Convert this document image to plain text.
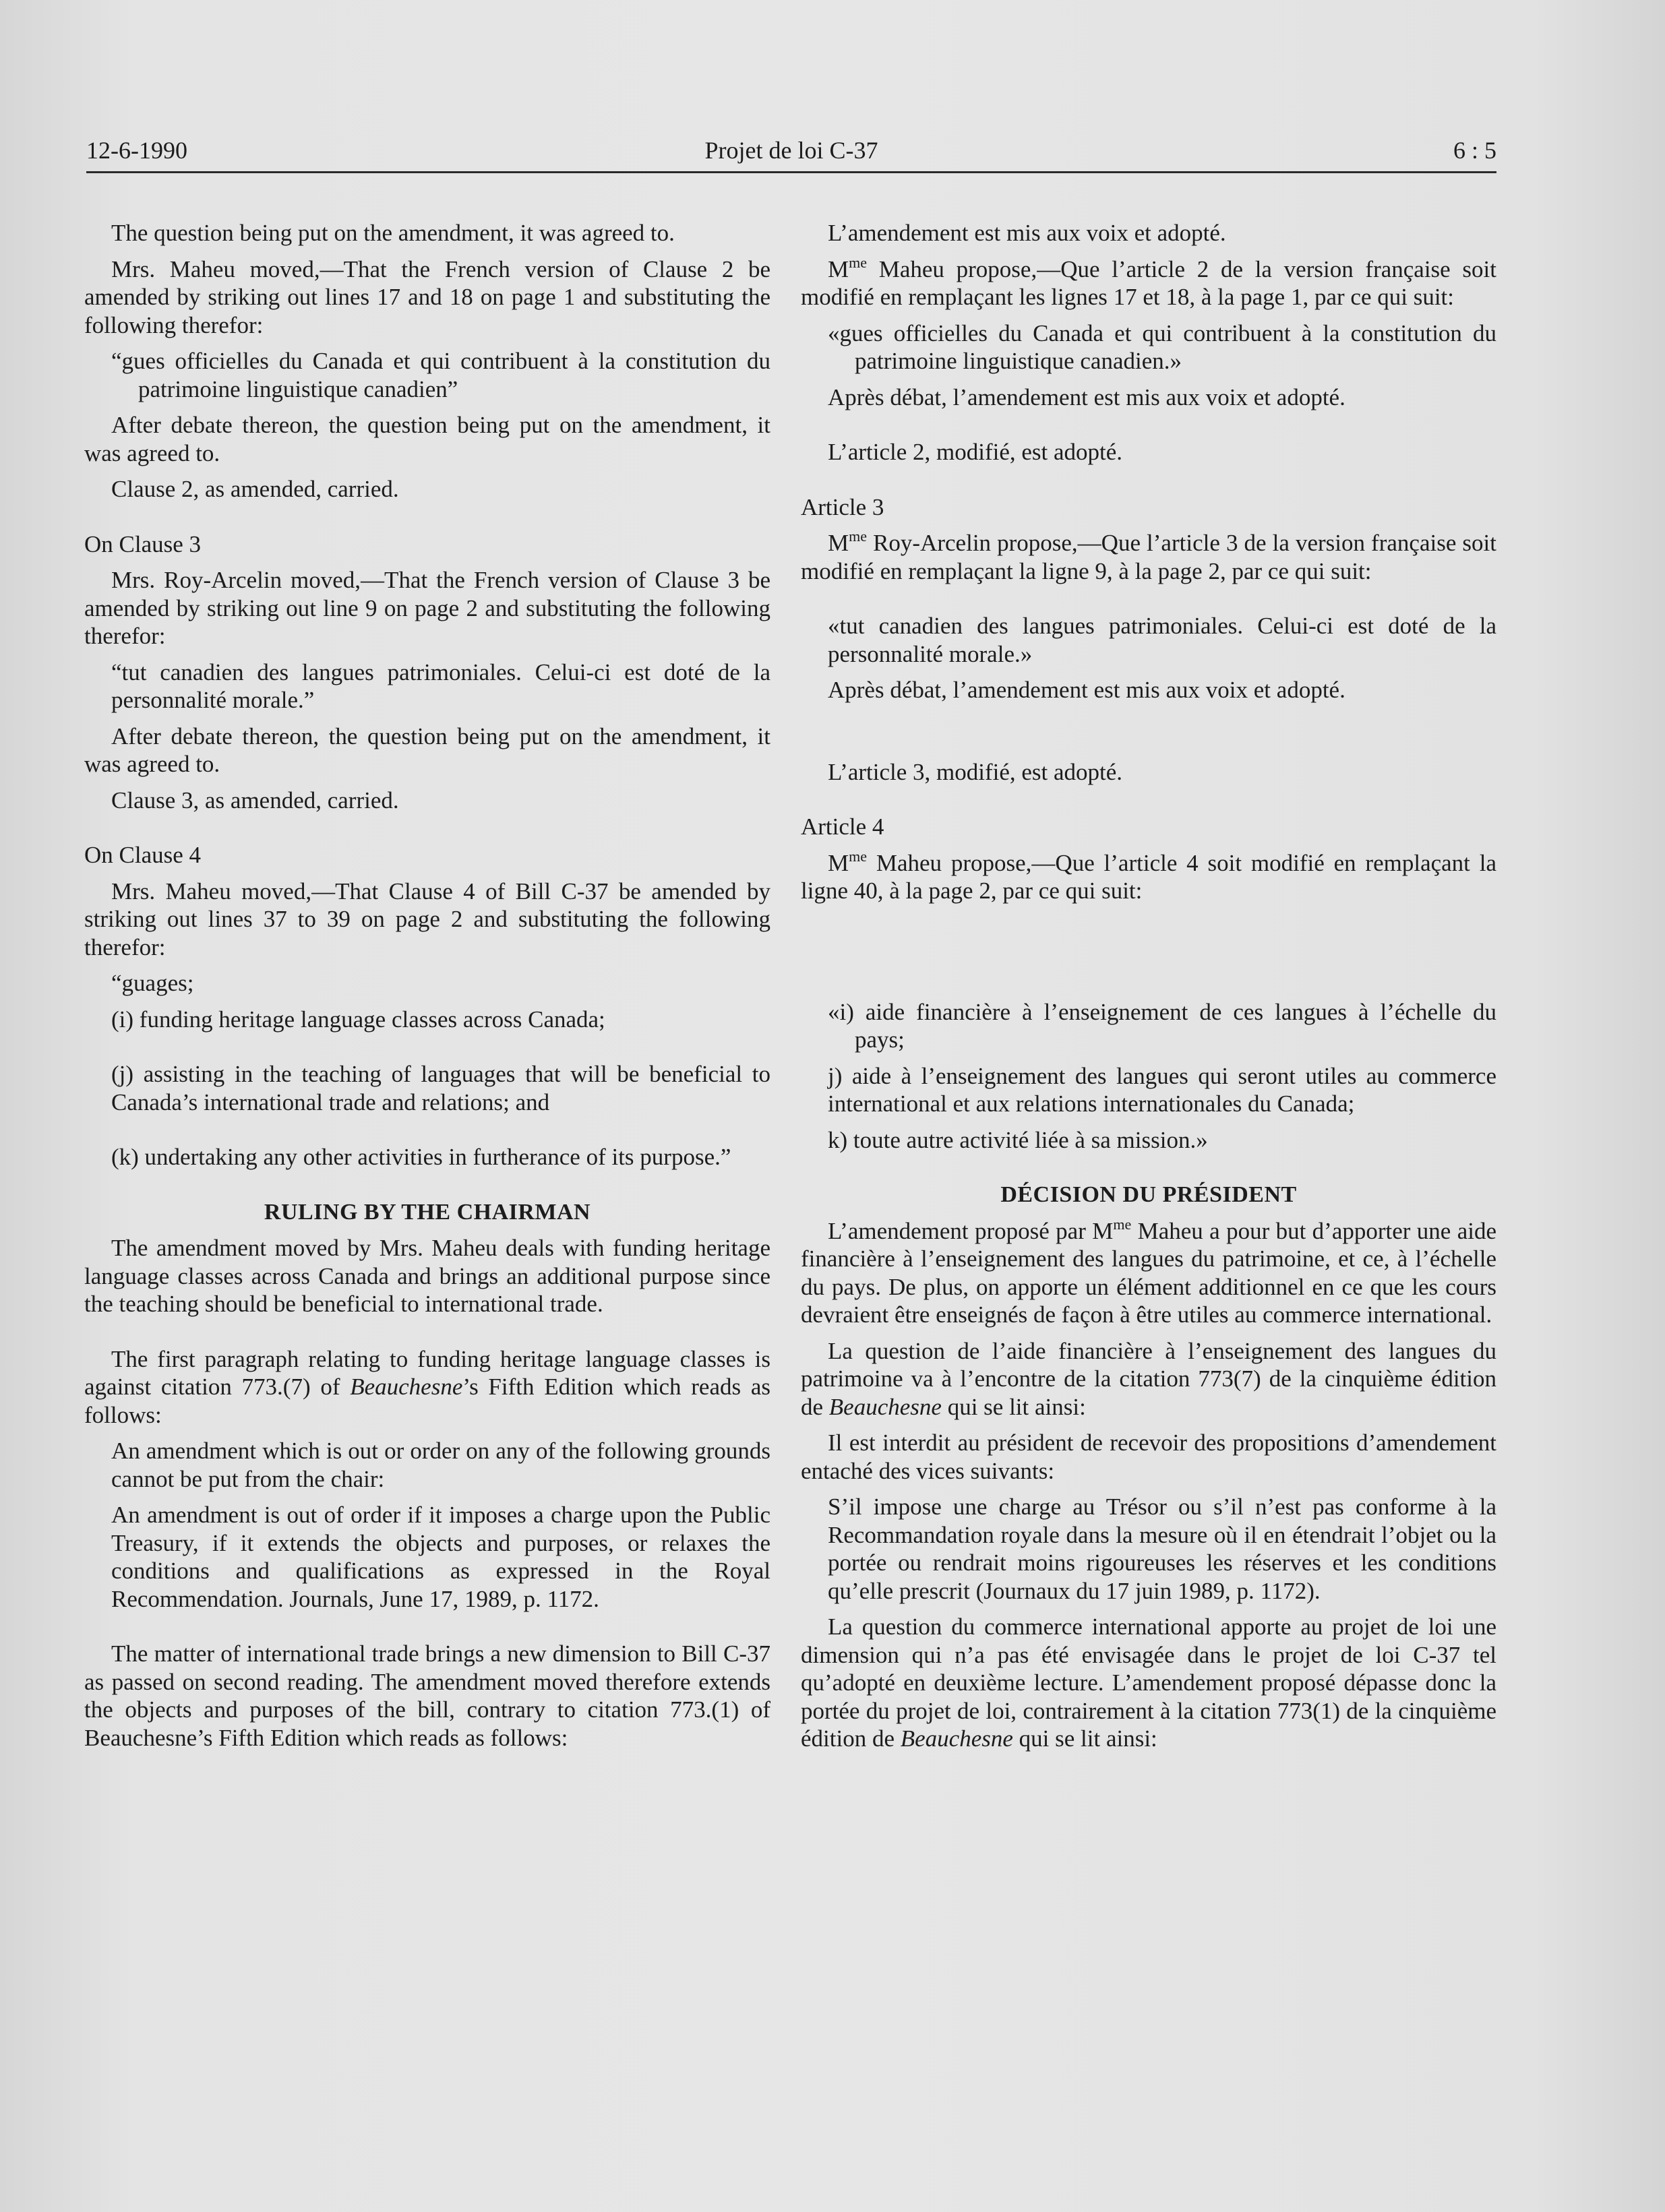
12-6-1990	Projet de loi C-37	6 : 5

The question being put on the amendment, it was agreed to.

Mrs. Maheu moved,—That the French version of Clause 2 be amended by striking out lines 17 and 18 on page 1 and substituting the following therefor:

“gues officielles du Canada et qui contribuent à la constitution du patrimoine linguistique canadien”

After debate thereon, the question being put on the amendment, it was agreed to.

Clause 2, as amended, carried.

On Clause 3

Mrs. Roy-Arcelin moved,—That the French version of Clause 3 be amended by striking out line 9 on page 2 and substituting the following therefor:

“tut canadien des langues patrimoniales. Celui-ci est doté de la personnalité morale.”

After debate thereon, the question being put on the amendment, it was agreed to.

Clause 3, as amended, carried.

On Clause 4

Mrs. Maheu moved,—That Clause 4 of Bill C-37 be amended by striking out lines 37 to 39 on page 2 and substituting the following therefor:

“guages;

(i) funding heritage language classes across Canada;

(j) assisting in the teaching of languages that will be beneficial to Canada’s international trade and relations; and

(k) undertaking any other activities in furtherance of its purpose.”

RULING BY THE CHAIRMAN

The amendment moved by Mrs. Maheu deals with funding heritage language classes across Canada and brings an additional purpose since the teaching should be beneficial to international trade.

The first paragraph relating to funding heritage language classes is against citation 773.(7) of Beauchesne’s Fifth Edition which reads as follows:

An amendment which is out or order on any of the following grounds cannot be put from the chair:

An amendment is out of order if it imposes a charge upon the Public Treasury, if it extends the objects and purposes, or relaxes the conditions and qualifications as expressed in the Royal Recommendation. Journals, June 17, 1989, p. 1172.

The matter of international trade brings a new dimension to Bill C-37 as passed on second reading. The amendment moved therefore extends the objects and purposes of the bill, contrary to citation 773.(1) of Beauchesne’s Fifth Edition which reads as follows:

L’amendement est mis aux voix et adopté.

$M^{me}$ Maheu propose,—Que l’article 2 de la version française soit modifié en remplaçant les lignes 17 et 18, à la page 1, par ce qui suit:

«gues officielles du Canada et qui contribuent à la constitution du patrimoine linguistique canadien.»

Après débat, l’amendement est mis aux voix et adopté.

L’article 2, modifié, est adopté.

Article 3

$M^{me}$ Roy-Arcelin propose,—Que l’article 3 de la version française soit modifié en remplaçant la ligne 9, à la page 2, par ce qui suit:

«tut canadien des langues patrimoniales. Celui-ci est doté de la personnalité morale.»

Après débat, l’amendement est mis aux voix et adopté.

L’article 3, modifié, est adopté.

Article 4

$M^{me}$ Maheu propose,—Que l’article 4 soit modifié en remplaçant la ligne 40, à la page 2, par ce qui suit:

«i) aide financière à l’enseignement de ces langues à l’échelle du pays;

j) aide à l’enseignement des langues qui seront utiles au commerce international et aux relations internationales du Canada;

k) toute autre activité liée à sa mission.»

DÉCISION DU PRÉSIDENT

L’amendement proposé par $M^{me}$ Maheu a pour but d’apporter une aide financière à l’enseignement des langues du patrimoine, et ce, à l’échelle du pays. De plus, on apporte un élément additionnel en ce que les cours devraient être enseignés de façon à être utiles au commerce international.

La question de l’aide financière à l’enseignement des langues du patrimoine va à l’encontre de la citation 773(7) de la cinquième édition de Beauchesne qui se lit ainsi:

Il est interdit au président de recevoir des propositions d’amendement entaché des vices suivants:

S’il impose une charge au Trésor ou s’il n’est pas conforme à la Recommandation royale dans la mesure où il en étendrait l’objet ou la portée ou rendrait moins rigoureuses les réserves et les conditions qu’elle prescrit (Journaux du 17 juin 1989, p. 1172).

La question du commerce international apporte au projet de loi une dimension qui n’a pas été envisagée dans le projet de loi C-37 tel qu’adopté en deuxième lecture. L’amendement proposé dépasse donc la portée du projet de loi, contrairement à la citation 773(1) de la cinquième édition de Beauchesne qui se lit ainsi:
